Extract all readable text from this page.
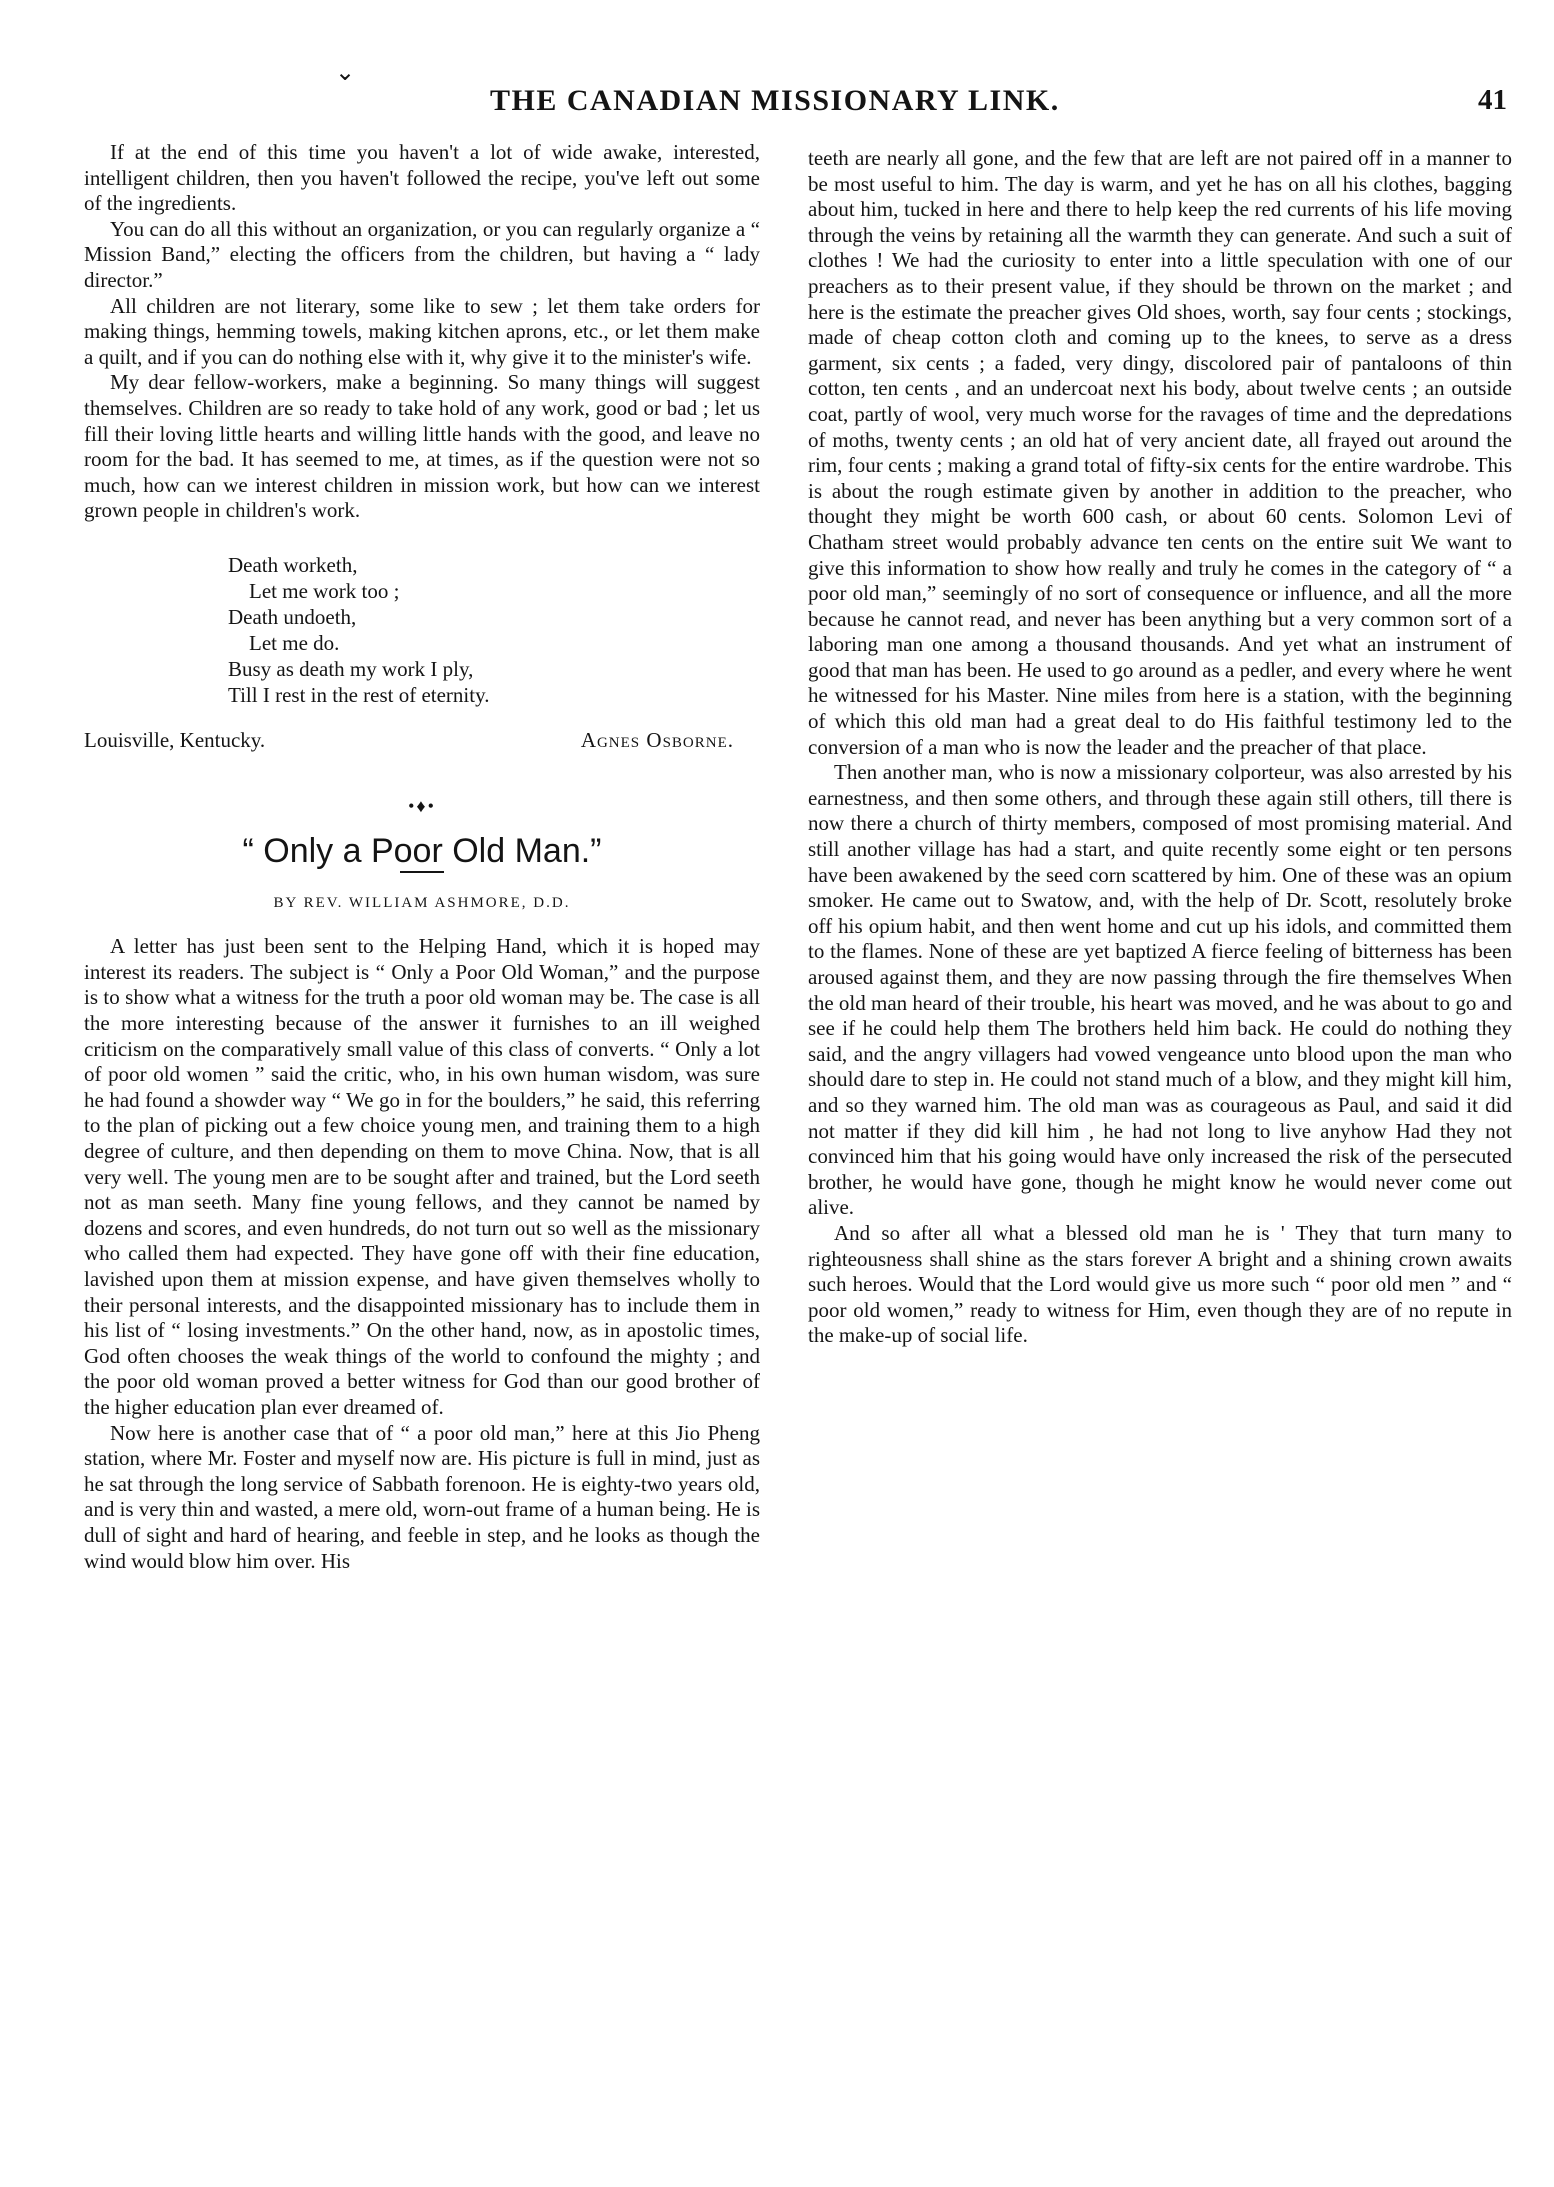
⌄
THE CANADIAN MISSIONARY LINK.	41

If at the end of this time you haven't a lot of wide awake, interested, intelligent children, then you haven't followed the recipe, you've left out some of the ingredients.

You can do all this without an organization, or you can regularly organize a “ Mission Band,” electing the officers from the children, but having a “ lady director.”

All children are not literary, some like to sew ; let them take orders for making things, hemming towels, making kitchen aprons, etc., or let them make a quilt, and if you can do nothing else with it, why give it to the minister's wife.

My dear fellow-workers, make a beginning. So many things will suggest themselves. Children are so ready to take hold of any work, good or bad ; let us fill their loving little hearts and willing little hands with the good, and leave no room for the bad. It has seemed to me, at times, as if the question were not so much, how can we interest children in mission work, but how can we interest grown people in children's work.

Death worketh,
Let me work too ;
Death undoeth,
Let me do.
Busy as death my work I ply,
Till I rest in the rest of eternity.
Louisville, Kentucky.	Agnes Osborne.
•♦•
“ Only a Poor Old Man.”
BY REV. WILLIAM ASHMORE, D.D.

A letter has just been sent to the Helping Hand, which it is hoped may interest its readers. The subject is “ Only a Poor Old Woman,” and the purpose is to show what a witness for the truth a poor old woman may be. The case is all the more interesting because of the answer it furnishes to an ill weighed criticism on the comparatively small value of this class of converts. “ Only a lot of poor old women ” said the critic, who, in his own human wisdom, was sure he had found a showder way “ We go in for the boulders,” he said, this referring to the plan of picking out a few choice young men, and training them to a high degree of culture, and then depending on them to move China. Now, that is all very well. The young men are to be sought after and trained, but the Lord seeth not as man seeth. Many fine young fellows, and they cannot be named by dozens and scores, and even hundreds, do not turn out so well as the missionary who called them had expected. They have gone off with their fine education, lavished upon them at mission expense, and have given themselves wholly to their personal interests, and the disappointed missionary has to include them in his list of “ losing investments.” On the other hand, now, as in apostolic times, God often chooses the weak things of the world to confound the mighty ; and the poor old woman proved a better witness for God than our good brother of the higher education plan ever dreamed of.

Now here is another case that of “ a poor old man,” here at this Jio Pheng station, where Mr. Foster and myself now are. His picture is full in mind, just as he sat through the long service of Sabbath forenoon. He is eighty-two years old, and is very thin and wasted, a mere old, worn-out frame of a human being. He is dull of sight and hard of hearing, and feeble in step, and he looks as though the wind would blow him over. His

teeth are nearly all gone, and the few that are left are not paired off in a manner to be most useful to him. The day is warm, and yet he has on all his clothes, bagging about him, tucked in here and there to help keep the red currents of his life moving through the veins by retaining all the warmth they can generate. And such a suit of clothes ! We had the curiosity to enter into a little speculation with one of our preachers as to their present value, if they should be thrown on the market ; and here is the estimate the preacher gives Old shoes, worth, say four cents ; stockings, made of cheap cotton cloth and coming up to the knees, to serve as a dress garment, six cents ; a faded, very dingy, discolored pair of pantaloons of thin cotton, ten cents , and an undercoat next his body, about twelve cents ; an outside coat, partly of wool, very much worse for the ravages of time and the depredations of moths, twenty cents ; an old hat of very ancient date, all frayed out around the rim, four cents ; making a grand total of fifty-six cents for the entire wardrobe. This is about the rough estimate given by another in addition to the preacher, who thought they might be worth 600 cash, or about 60 cents. Solomon Levi of Chatham street would probably advance ten cents on the entire suit We want to give this information to show how really and truly he comes in the category of “ a poor old man,” seemingly of no sort of consequence or influence, and all the more because he cannot read, and never has been anything but a very common sort of a laboring man one among a thousand thousands. And yet what an instrument of good that man has been. He used to go around as a pedler, and every where he went he witnessed for his Master. Nine miles from here is a station, with the beginning of which this old man had a great deal to do His faithful testimony led to the conversion of a man who is now the leader and the preacher of that place.

Then another man, who is now a missionary colporteur, was also arrested by his earnestness, and then some others, and through these again still others, till there is now there a church of thirty members, composed of most promising material. And still another village has had a start, and quite recently some eight or ten persons have been awakened by the seed corn scattered by him. One of these was an opium smoker. He came out to Swatow, and, with the help of Dr. Scott, resolutely broke off his opium habit, and then went home and cut up his idols, and committed them to the flames. None of these are yet baptized A fierce feeling of bitterness has been aroused against them, and they are now passing through the fire themselves When the old man heard of their trouble, his heart was moved, and he was about to go and see if he could help them The brothers held him back. He could do nothing they said, and the angry villagers had vowed vengeance unto blood upon the man who should dare to step in. He could not stand much of a blow, and they might kill him, and so they warned him. The old man was as courageous as Paul, and said it did not matter if they did kill him , he had not long to live anyhow Had they not convinced him that his going would have only increased the risk of the persecuted brother, he would have gone, though he might know he would never come out alive.

And so after all what a blessed old man he is ' They that turn many to righteousness shall shine as the stars forever A bright and a shining crown awaits such heroes. Would that the Lord would give us more such “ poor old men ” and “ poor old women,” ready to witness for Him, even though they are of no repute in the make-up of social life.
